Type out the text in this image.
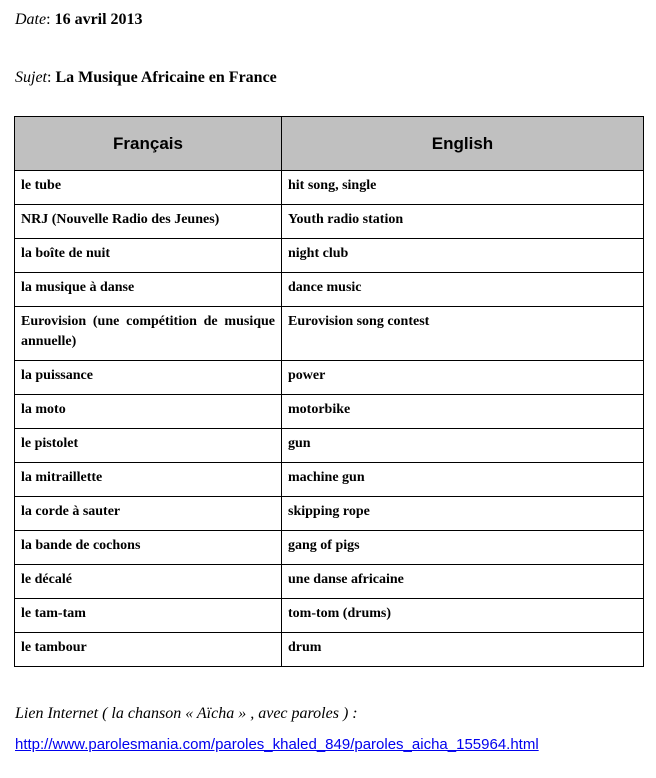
Date: 16 avril 2013
Sujet: La Musique Africaine en France
Français	English
le tube	hit song, single
NRJ (Nouvelle Radio des Jeunes)	Youth radio station
la boîte de nuit	night club
la musique à danse	dance music
Eurovision (une compétition de musique annuelle)	Eurovision song contest
la puissance	power
la moto	motorbike
le pistolet	gun
la mitraillette	machine gun
la corde à sauter	skipping rope
la bande de cochons	gang of pigs
le décalé	une danse africaine
le tam-tam	tom-tom (drums)
le tambour	drum
Lien Internet ( la chanson « Aïcha » , avec paroles ) :
http://www.parolesmania.com/paroles_khaled_849/paroles_aicha_155964.html
